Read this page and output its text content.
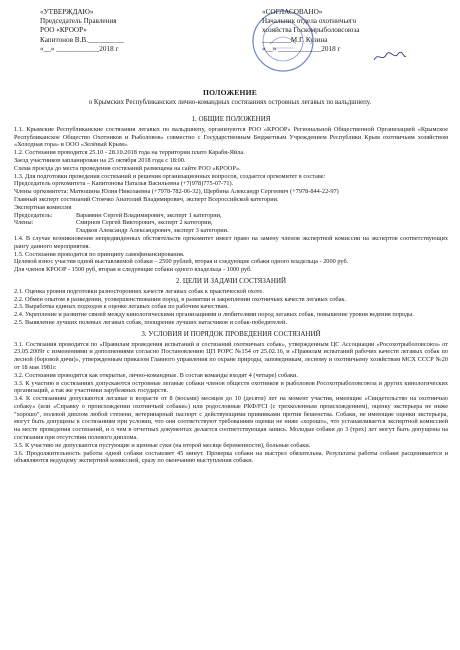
«УТВЕРЖДАЮ»
Председатель Правления
РОО «КРООР»
Капитонов В.В.__________
«__» ____________2018 г
«СОГЛАСОВАНО»
Начальник отдела охотничьего
хозяйства Госкомрыболовсоюза
________М.Г. Кузина
«__» ____________2018 г
ПОЛОЖЕНИЕ
о Крымских Республиканских лично-командных состязаниях островных легавых по вальдшнепу.

1. ОБЩИЕ ПОЛОЖЕНИЯ

1.1. Крымские Республиканские состязания легавых по вальдшнепу, организуются РОО «КРООР» Региональной Общественной Организацией «Крымское Республиканское Общество Охотников и Рыболовов» совместно с Государственным Бюджетным Учреждением Республики Крым охотничьим хозяйством «Холодная гора» и ООО «Зелёный Крым».

1.2. Состязания проводятся 25.10 - 28.10.2018 года на территории плато Караби-Яйла.

Заезд участников запланирован на 25 октября 2018 года с 18:00.

Схема проезда до места проведения состязаний размещена на сайте РОО «КРООР».

1.3. Для подготовки проведения состязаний и решения организационных вопросов, создается оргкомитет в составе:

Председатель оргкомитета – Капитонова Наталья Васильевна (+7(978)775-07-71).

Члены оргкомитета: Матюшина Юлия Николаевна (+7978-782-06-32), Щербина Александр Сергеевич (+7978-844-22-97)

Главный эксперт состязаний Стоячко Анатолий Владимирович, эксперт Всероссийской категории.

Экспертная комиссия

Председатель:	Вараввин Сергей Владимирович, эксперт 1 категории,
Члены:	Смирнов Сергей Викторович, эксперт 2 категории,
Гладков Александр Александрович, эксперт 3 категории.

1.4. В случае возникновения непредвиденных обстоятельств оргкомитет имеет право на замену членов экспертной комиссии на экспертов соответствующих рангу данного мероприятия.

1.5. Состязания проводятся по принципу самофинансирования.

Целевой взнос участия одной выставляемой собаки – 2500 рублей, вторая и следующие собаки одного владельца - 2000 руб.

Для членов КРООР - 1500 руб, вторая и следующие собаки одного владельца - 1000 руб.

2. ЦЕЛИ И ЗАДАЧИ СОСТЯЗАНИЙ

2.1. Оценка уровня подготовки разносторонних качеств легавых собак к практической охоте.

2.2. Обмен опытом в разведении, усовершенствовании пород, в развитии и закреплении охотничьих качеств легавых собак.

2.3. Выработка единых подходов к оценке легавых собак по рабочим качествам.

2.4. Укрепление и развитие связей между кинологическими организациями и любителями пород легавых собак, повышение уровня ведения породы.

2.5. Выявление лучших полевых легавых собак, поощрение лучших натасчиков и собак-победителей.

3. УСЛОВИЯ И ПОРЯДОК ПРОВЕДЕНИЯ СОСТЯЗАНИЙ

3.1. Состязания проводятся по «Правилам проведения испытаний и состязаний охотничьих собак», утвержденным ЦС Ассоциации «Росохотрыболовсоюз» от 23.05.2009г с изменениями и дополнениями согласно Постановлению ЦП РОРС №154 от 25.02.16, и «Правилам испытаний рабочих качеств легавых собак по лесной (боровой дичи)», утвержденным приказом Главного управления по охране природы, заповедникам, лесному и охотничьему хозяйствам МСХ СССР №20 от 18 мая 1981г.

3.2. Состязания проводятся как открытые, лично-командные. В состав команды входят 4 (четыре) собаки.

3.3. К участию в состязаниях допускаются островные легавые собаки членов обществ охотников и рыболовов Росохотрыболовсоюза и других кинологических организаций, а так же участники зарубежных государств.

3.4. К состязаниям допускаются легавые в возрасте от 8 (восьми) месяцев до 10 (десяти) лет на момент участия, имеющие «Свидетельство на охотничью собаку» (или «Справку о происхождении охотничьей собаки») или родословные РКФ/FCI (с трехколенным происхождением), оценку экстерьера не ниже "хорошо", полевой диплом любой степени, ветеринарный паспорт с действующими прививками против бешенства. Собаки, не имеющие оценки экстерьера, могут быть допущены к состязаниям при условии, что они соответствуют требованиям оценки не ниже «хорошо», что устанавливается экспертной комиссией на месте проведения состязаний, и о чем в отчетных документах делается соответствующая запись. Молодые собаки до 3 (трех) лет могут быть допущены на состязания при отсутствии полевого диплома.

3.5. К участию не допускаются пустующие и щенные суки (на второй месяце беременности), больные собаки.

3.6. Продолжительность работы одной собаки составляет 45 минут. Проверка собаки на выстрел обязательна. Результаты работы собаки расцениваются и объявляются ведущему экспертной комиссией, сразу по окончанию выступления собаки.
